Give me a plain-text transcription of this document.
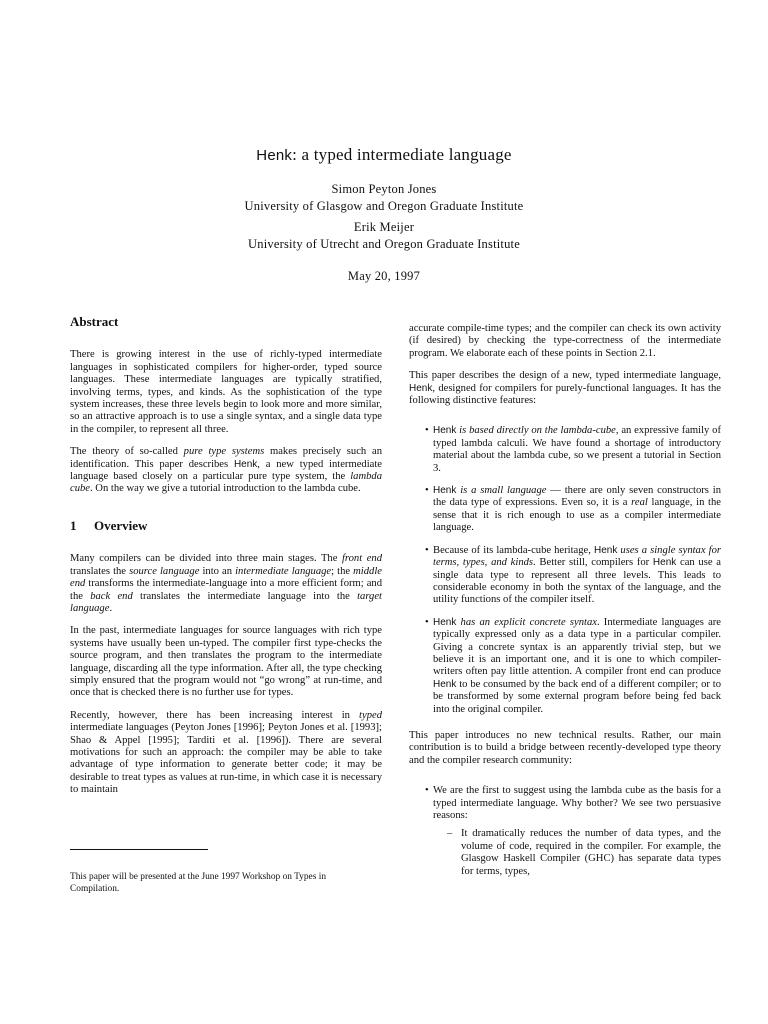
Henk: a typed intermediate language
Simon Peyton Jones
University of Glasgow and Oregon Graduate Institute
Erik Meijer
University of Utrecht and Oregon Graduate Institute
May 20, 1997
Abstract

There is growing interest in the use of richly-typed intermediate languages in sophisticated compilers for higher-order, typed source languages. These intermediate languages are typically stratified, involving terms, types, and kinds. As the sophistication of the type system increases, these three levels begin to look more and more similar, so an attractive approach is to use a single syntax, and a single data type in the compiler, to represent all three.

The theory of so-called pure type systems makes precisely such an identification. This paper describes Henk, a new typed intermediate language based closely on a particular pure type system, the lambda cube. On the way we give a tutorial introduction to the lambda cube.

1 Overview

Many compilers can be divided into three main stages. The front end translates the source language into an intermediate language; the middle end transforms the intermediate-language into a more efficient form; and the back end translates the intermediate language into the target language.

In the past, intermediate languages for source languages with rich type systems have usually been un-typed. The compiler first type-checks the source program, and then translates the program to the intermediate language, discarding all the type information. After all, the type checking simply ensured that the program would not “go wrong” at run-time, and once that is checked there is no further use for types.

Recently, however, there has been increasing interest in typed intermediate languages (Peyton Jones [1996]; Peyton Jones et al. [1993]; Shao & Appel [1995]; Tarditi et al. [1996]). There are several motivations for such an approach: the compiler may be able to take advantage of type information to generate better code; it may be desirable to treat types as values at run-time, in which case it is necessary to maintain

This paper will be presented at the June 1997 Workshop on Types in Compilation.

accurate compile-time types; and the compiler can check its own activity (if desired) by checking the type-correctness of the intermediate program. We elaborate each of these points in Section 2.1.

This paper describes the design of a new, typed intermediate language, Henk, designed for compilers for purely-functional languages. It has the following distinctive features:

• Henk is based directly on the lambda-cube, an expressive family of typed lambda calculi. We have found a shortage of introductory material about the lambda cube, so we present a tutorial in Section 3.
• Henk is a small language — there are only seven constructors in the data type of expressions. Even so, it is a real language, in the sense that it is rich enough to use as a compiler intermediate language.
• Because of its lambda-cube heritage, Henk uses a single syntax for terms, types, and kinds. Better still, compilers for Henk can use a single data type to represent all three levels. This leads to considerable economy in both the syntax of the language, and the utility functions of the compiler itself.
• Henk has an explicit concrete syntax. Intermediate languages are typically expressed only as a data type in a particular compiler. Giving a concrete syntax is an apparently trivial step, but we believe it is an important one, and it is one to which compiler-writers often pay little attention. A compiler front end can produce Henk to be consumed by the back end of a different compiler; or to be transformed by some external program before being fed back into the original compiler.

This paper introduces no new technical results. Rather, our main contribution is to build a bridge between recently-developed type theory and the compiler research community:

• We are the first to suggest using the lambda cube as the basis for a typed intermediate language. Why bother? We see two persuasive reasons:
– It dramatically reduces the number of data types, and the volume of code, required in the compiler. For example, the Glasgow Haskell Compiler (GHC) has separate data types for terms, types,
